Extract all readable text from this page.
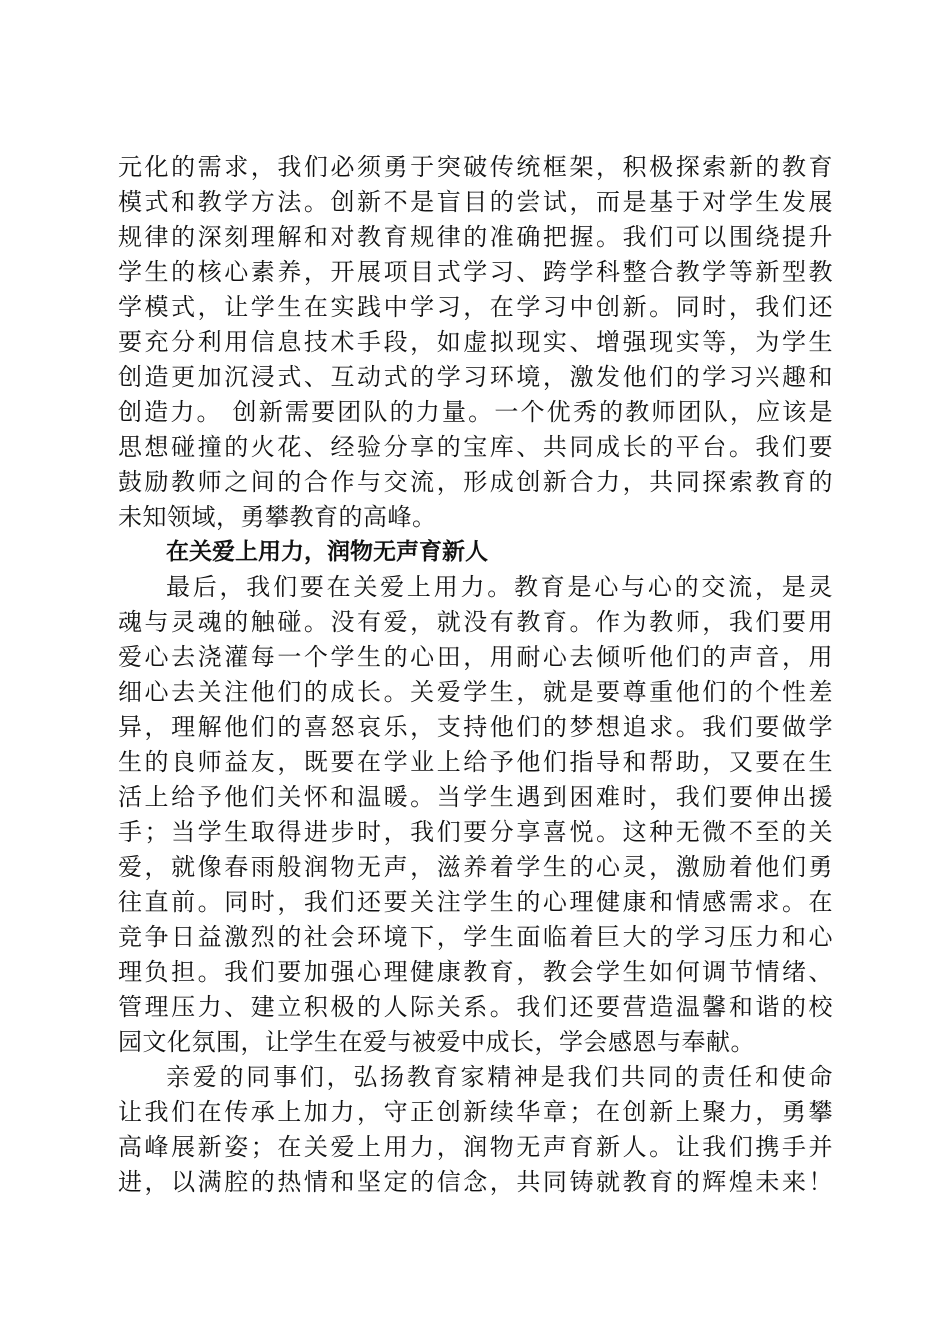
元化的需求，我们必须勇于突破传统框架，积极探索新的教育
模式和教学方法。创新不是盲目的尝试，而是基于对学生发展
规律的深刻理解和对教育规律的准确把握。我们可以围绕提升
学生的核心素养，开展项目式学习、跨学科整合教学等新型教
学模式，让学生在实践中学习，在学习中创新。同时，我们还
要充分利用信息技术手段，如虚拟现实、增强现实等，为学生
创造更加沉浸式、互动式的学习环境，激发他们的学习兴趣和
创造力。 创新需要团队的力量。一个优秀的教师团队，应该是
思想碰撞的火花、经验分享的宝库、共同成长的平台。我们要
鼓励教师之间的合作与交流，形成创新合力，共同探索教育的
未知领域，勇攀教育的高峰。
在关爱上用力，润物无声育新人
最后，我们要在关爱上用力。教育是心与心的交流，是灵
魂与灵魂的触碰。没有爱，就没有教育。作为教师，我们要用
爱心去浇灌每一个学生的心田，用耐心去倾听他们的声音，用
细心去关注他们的成长。关爱学生，就是要尊重他们的个性差
异，理解他们的喜怒哀乐，支持他们的梦想追求。我们要做学
生的良师益友，既要在学业上给予他们指导和帮助，又要在生
活上给予他们关怀和温暖。当学生遇到困难时，我们要伸出援
手；当学生取得进步时，我们要分享喜悦。这种无微不至的关
爱，就像春雨般润物无声，滋养着学生的心灵，激励着他们勇
往直前。同时，我们还要关注学生的心理健康和情感需求。在
竞争日益激烈的社会环境下，学生面临着巨大的学习压力和心
理负担。我们要加强心理健康教育，教会学生如何调节情绪、
管理压力、建立积极的人际关系。我们还要营造温馨和谐的校
园文化氛围，让学生在爱与被爱中成长，学会感恩与奉献。
亲爱的同事们，弘扬教育家精神是我们共同的责任和使命
让我们在传承上加力，守正创新续华章；在创新上聚力，勇攀
高峰展新姿；在关爱上用力，润物无声育新人。让我们携手并
进，以满腔的热情和坚定的信念，共同铸就教育的辉煌未来！
